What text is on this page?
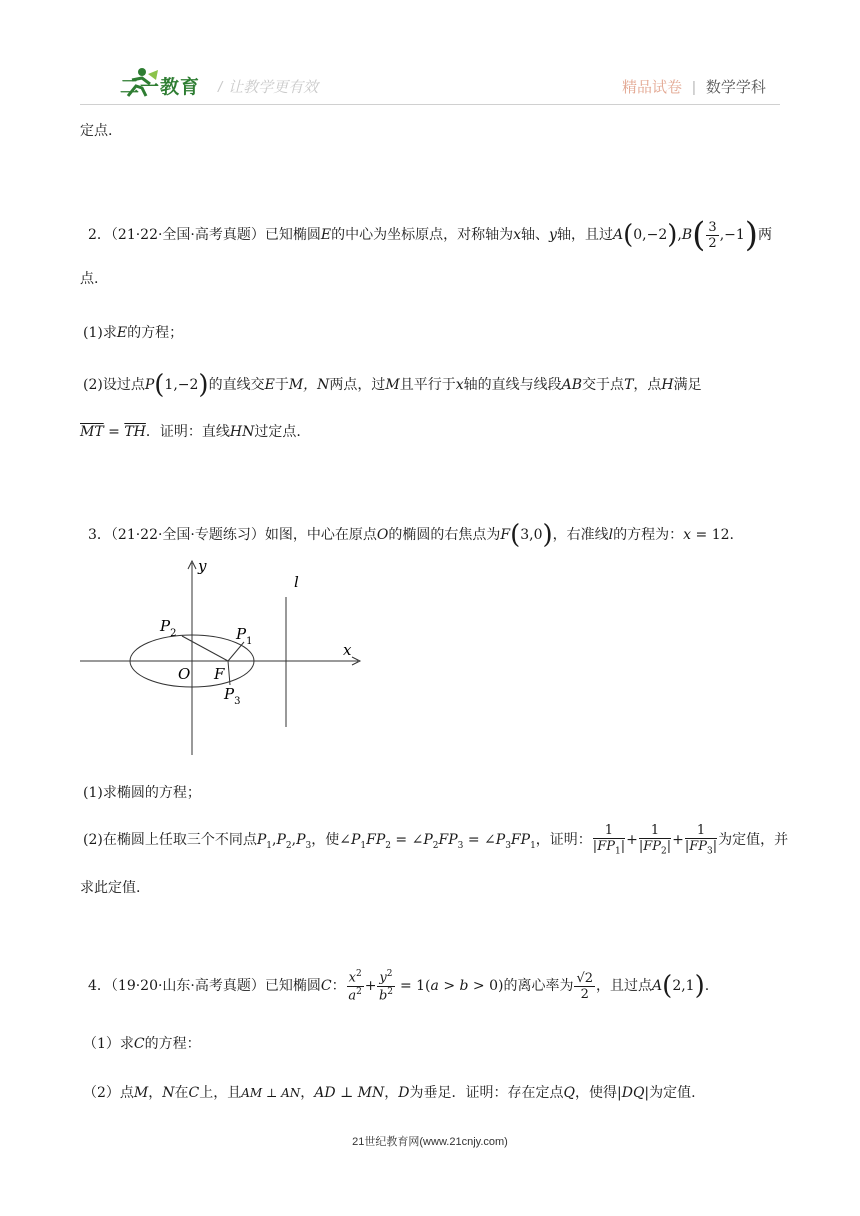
二一教育 / 让教学更有效	精品试卷 | 数学学科
定点.
2．（21·22·全国·高考真题）已知椭圆E的中心为坐标原点，对称轴为x轴、y轴，且过$A(0,-2),B( \frac{3}{2} ,-1)$两
点.
(1)求E的方程；
(2)设过点P(1,−2)的直线交E于M，N两点，过M且平行于x轴的直线与线段AB交于点T，点H满足
$\overline{MT} = \overline{TH}$．证明：直线HN过定点.
3．（21·22·全国·专题练习）如图，中心在原点O的椭圆的右焦点为F(3,0)，右准线l的方程为：x = 12.
y
x
l
O F
$P_2$	$P_1$
$P_3$
(1)求椭圆的方程；
(2)在椭圆上任取三个不同点$P_1,P_2,P_3$，使$\angle P_1FP_2$ = $\angle P_2FP_3$ = $\angle P_3FP_1$，证明： $\frac{1}{|FP_1|} + \frac{1}{|FP_2|} + \frac{1}{|FP_3|}$ 为定值，并
求此定值.
4．（19·20·山东·高考真题）已知椭圆C： $\frac{x^2}{a^2} + \frac{y^2}{b^2} = 1(a > b > 0)$的离心率为 $\frac{√2}{2}$ ，且过点A(2,1).
（1）求C的方程：
（2）点M，N在C上，且AM ⊥ AN，AD ⊥ MN，D为垂足．证明：存在定点Q，使得|DQ|为定值.
21世纪教育网(www.21cnjy.com)
